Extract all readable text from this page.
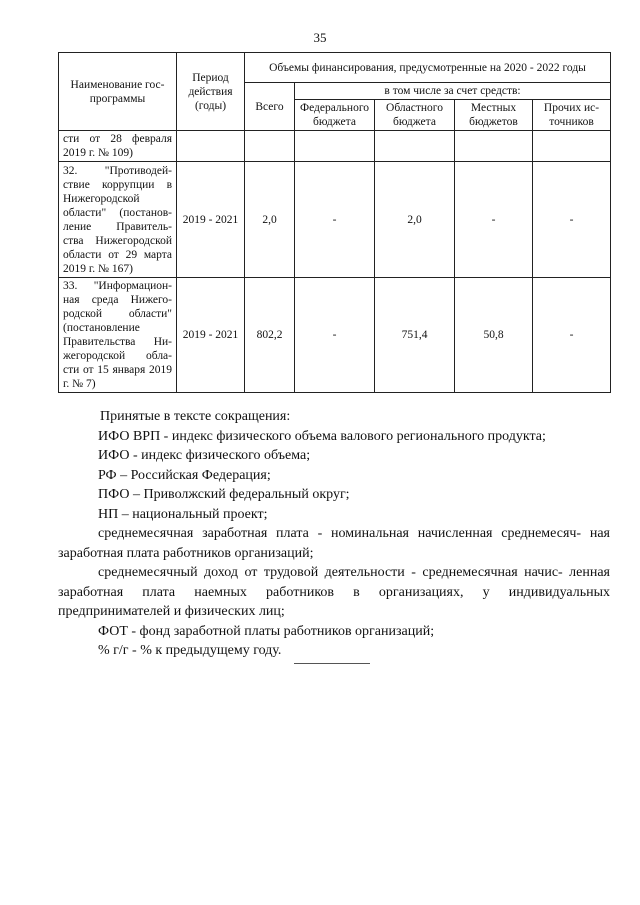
35
Наименование гос- программы	Период действия (годы)	Объемы финансирования, предусмотренные на 2020 - 2022 годы				
		Всего	в том числе за счет средств:			
			Федерального бюджета	Областного бюджета	Местных бюджетов	Прочих ис- точников
сти от 28 февраля 2019 г. № 109)						
32. "Противодей- ствие коррупции в Нижегородской области" (постанов- ление Правитель- ства Нижегородской области от 29 марта 2019 г. № 167)	2019 - 2021	2,0	-	2,0	-	-
33. "Информацион- ная среда Нижего- родской области" (постановление Правительства Ни- жегородской обла- сти от 15 января 2019 г. № 7)	2019 - 2021	802,2	-	751,4	50,8	-

Принятые в тексте сокращения:

ИФО ВРП - индекс физического объема валового регионального продукта;

ИФО - индекс физического объема;

РФ – Российская Федерация;

ПФО – Приволжский федеральный округ;

НП – национальный проект;

среднемесячная заработная плата - номинальная начисленная среднемесяч- ная заработная плата работников организаций;

среднемесячный доход от трудовой деятельности - среднемесячная начис- ленная заработная плата наемных работников в организациях, у индивидуальных предпринимателей и физических лиц;

ФОТ - фонд заработной платы работников организаций;

% г/г - % к предыдущему году.
